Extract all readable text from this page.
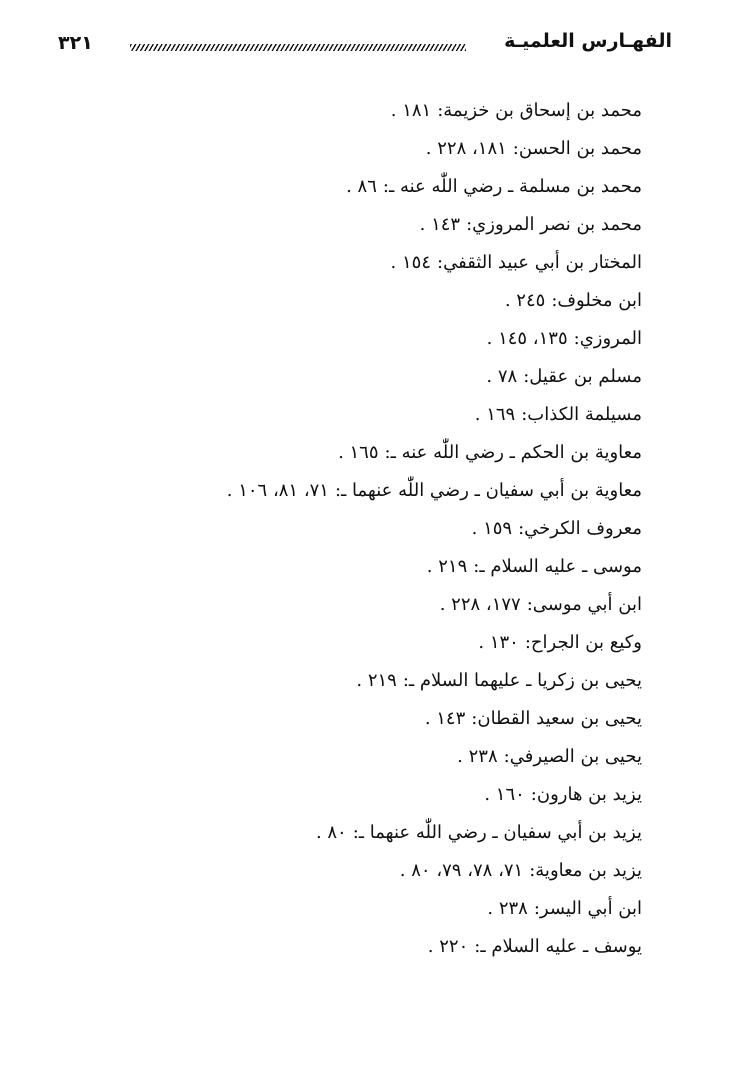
٣٢١	الفهـارس العلميـة
محمد بن إسحاق بن خزيمة:١٨١ .
محمد بن الحسن:١٨١، ٢٢٨ .
محمد بن مسلمة ـ رضي اللّٰه عنه ـ:٨٦ .
محمد بن نصر المروزي:١٤٣ .
المختار بن أبي عبيد الثقفي:١٥٤ .
ابن مخلوف:٢٤٥ .
المروزي:١٣٥، ١٤٥ .
مسلم بن عقيل:٧٨ .
مسيلمة الكذاب:١٦٩ .
معاوية بن الحكم ـ رضي اللّٰه عنه ـ:١٦٥ .
معاوية بن أبي سفيان ـ رضي اللّٰه عنهما ـ:٧١، ٨١، ١٠٦ .
معروف الكرخي:١٥٩ .
موسى ـ عليه السلام ـ:٢١٩ .
ابن أبي موسى:١٧٧، ٢٢٨ .
وكيع بن الجراح:١٣٠ .
يحيى بن زكريا ـ عليهما السلام ـ:٢١٩ .
يحيى بن سعيد القطان:١٤٣ .
يحيى بن الصيرفي:٢٣٨ .
يزيد بن هارون:١٦٠ .
يزيد بن أبي سفيان ـ رضي اللّٰه عنهما ـ:٨٠ .
يزيد بن معاوية:٧١، ٧٨، ٧٩، ٨٠ .
ابن أبي اليسر:٢٣٨ .
يوسف ـ عليه السلام ـ:٢٢٠ .
